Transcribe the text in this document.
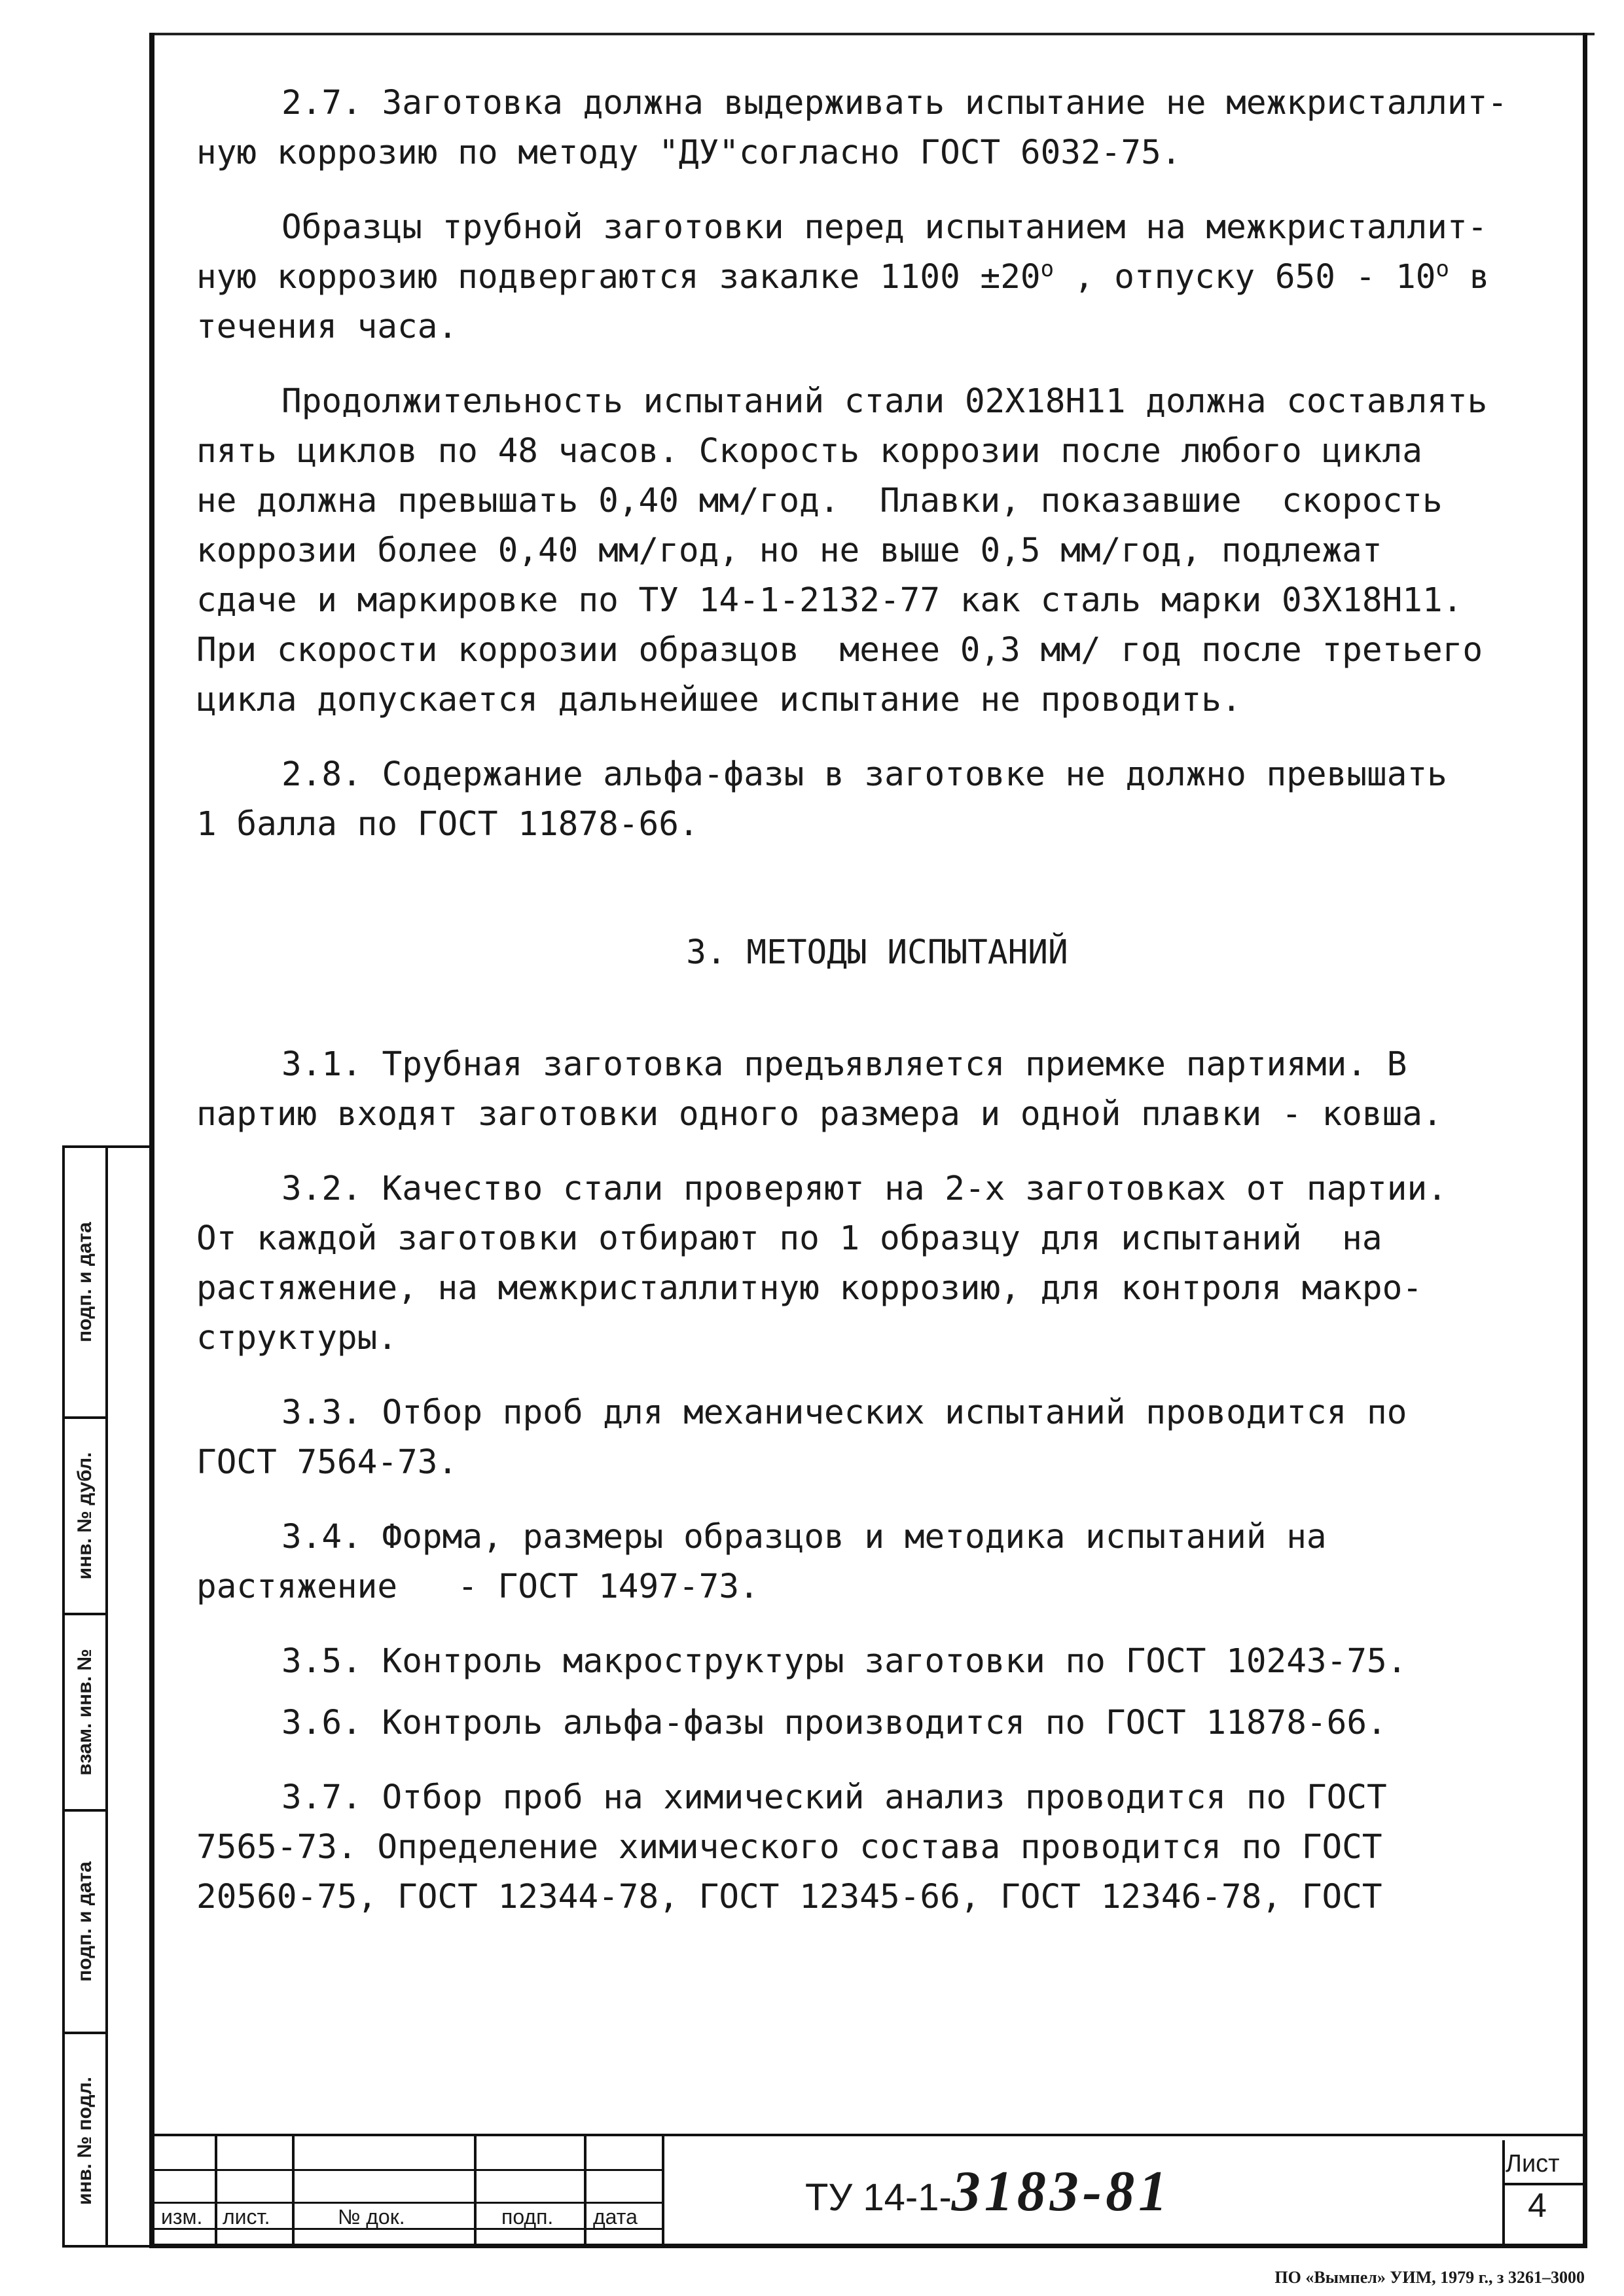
2.7. Заготовка должна выдерживать испытание не межкристаллит-
ную коррозию по методу "ДУ"согласно ГОСТ 6032-75.

Образцы трубной заготовки перед испытанием на межкристаллит-
ную коррозию подвергаются закалке $1100 \pm 20^о$ , отпуску $650 - 10^о$ в
течения часа.

Продолжительность испытаний стали 02Х18Н11 должна составлять
пять циклов по 48 часов. Скорость коррозии после любого цикла
не должна превышать 0,40 мм/год.  Плавки, показавшие  скорость
коррозии более 0,40 мм/год, но не выше 0,5 мм/год, подлежат
сдаче и маркировке по ТУ 14-1-2132-77 как сталь марки 03Х18Н11.
При скорости коррозии образцов  менее 0,3 мм/ год после третьего
цикла допускается дальнейшее испытание не проводить.

2.8. Содержание альфа-фазы в заготовке не должно превышать
1 балла по ГОСТ 11878-66.

3. МЕТОДЫ ИСПЫТАНИЙ

3.1. Трубная заготовка предъявляется приемке партиями. В
партию входят заготовки одного размера и одной плавки - ковша.

3.2. Качество стали проверяют на 2-х заготовках от партии.
От каждой заготовки отбирают по 1 образцу для испытаний  на
растяжение, на межкристаллитную коррозию, для контроля макро-
структуры.

3.3. Отбор проб для механических испытаний проводится по
ГОСТ 7564-73.

3.4. Форма, размеры образцов и методика испытаний на
растяжение   - ГОСТ 1497-73.

3.5. Контроль макроструктуры заготовки по ГОСТ 10243-75.

3.6. Контроль альфа-фазы производится по ГОСТ 11878-66.

3.7. Отбор проб на химический анализ проводится по ГОСТ
7565-73. Определение химического состава проводится по ГОСТ
20560-75, ГОСТ 12344-78, ГОСТ 12345-66, ГОСТ 12346-78, ГОСТ

подп. и дата
инв. № дубл.
взам. инв. №
подп. и дата
инв. № подл.
изм. лист.	№ док.	подп. дата	ТУ 14-1-3183-81	Лист
4
ПО «Вымпел» УИМ, 1979 г., з 3261–3000
